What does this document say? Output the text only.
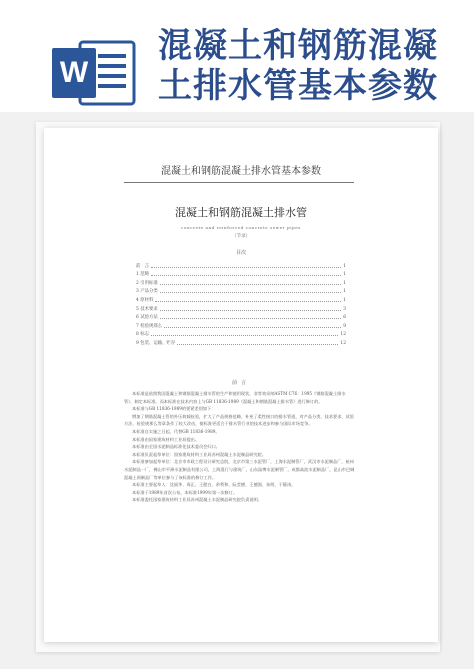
W
混凝土和钢筋混凝
土排水管基本参数
混凝土和钢筋混凝土排水管基本参数
混凝土和钢筋混凝土排水管
concrete and reinforced concrete sewer pipes
（节录）
目次
前　言	1
1 范畴	1
2 引用标准	1
3 产品分类	1
4 原材料	1
5 技术要求	3
6 试验方法	6
7 检验规那么	9
8 标志	12
9 包装、运输、贮存	12
前言

本标准是依照我国混凝土和钢筋混凝土排水管的生产和使用现状，非等效采纳ASTM C76：1995《钢筋混凝土排水管》，制定本标准。而本标准在技术内容上与GB 11836-1989《混凝土和钢筋混凝土排水管》进行修订的。

本标准与GB 11836-1989的要紧差别如下：

增加了钢筋混凝土管的外压荷载检验，扩大了产品规格范畴，补充了柔性接口的排水管道，对产品分类、技术要求、试验方法、检验规那么等章条作了较大改动，使标准更适合于排水管行业的技术进步和参与国际市场竞争。

本标准自实施之日起，代替GB 11836-1989。

本标准由国家建筑材料工业局提出。

本标准由全国水泥制品标准化技术委员会归口。

本标准负责起草单位：国家建筑材料工业局苏州混凝土水泥制品研究院。

本标准参加起草单位：北京市市政工程设计研究总院，北京市第三水泥管厂，上海水泥制管厂，武汉市水泥制品厂，杭州水泥制品一厂，佛山市平洲水泥制品有限公司，上海混行与建筑厂，山东淄博水泥制管厂，成都高流水泥制品厂，昆山市巴城混凝土预制品厂等单位参与了该标准的修订工作。

本标准主要起草人：沈丽华、周正、王懿白、余利和、阮莹德、王德润、朱明、于静涛。

本标准于1989年首次公布，本标准1999年第一次修订。

本标准委托国家建筑材料工业局苏州混凝土水泥制品研究院负责说明。
